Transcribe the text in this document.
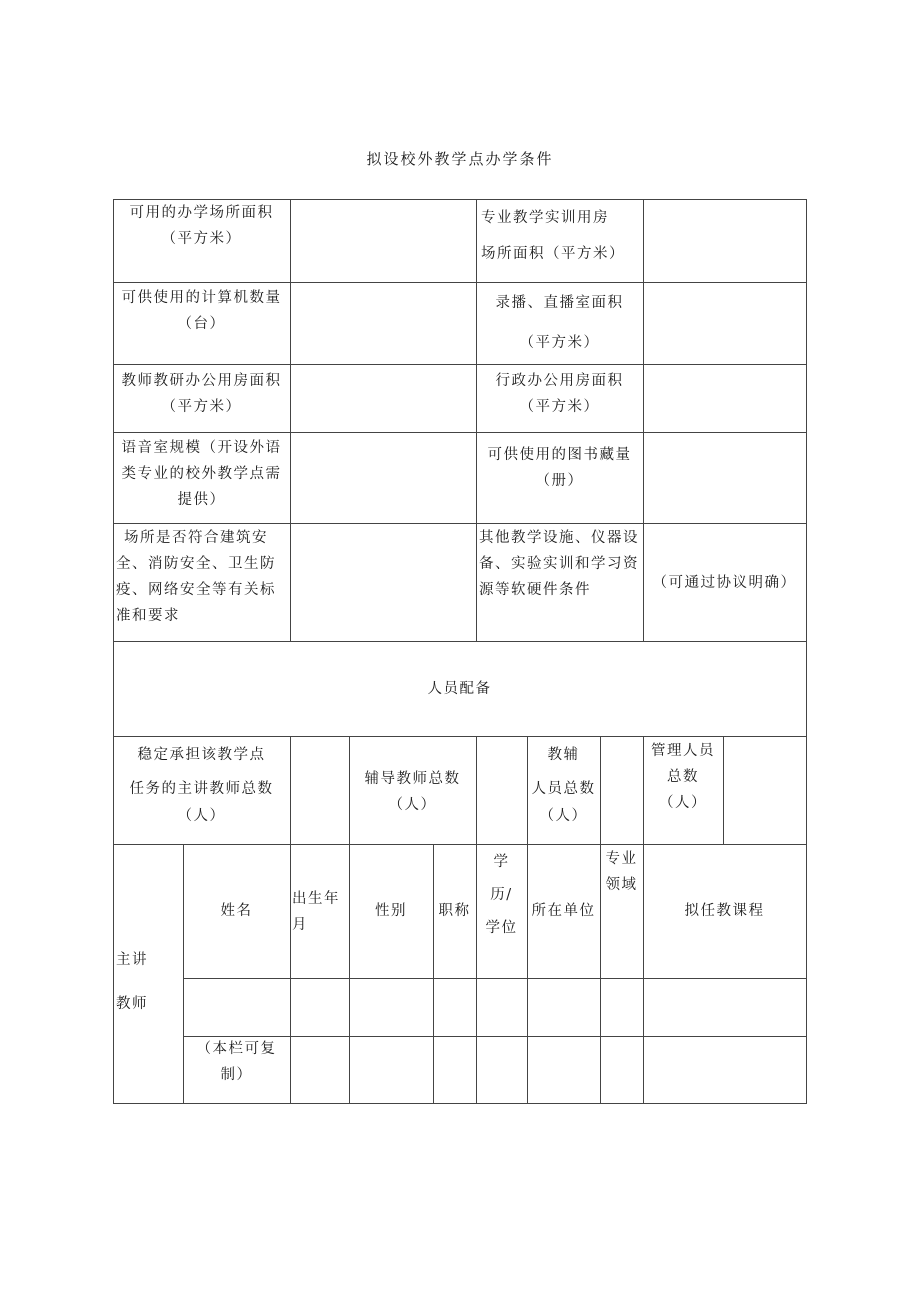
拟设校外教学点办学条件
可用的办学场所面积
（平方米）
专业教学实训用房
场所面积（平方米）
可供使用的计算机数量
（台）
录播、直播室面积
（平方米）
教师教研办公用房面积
（平方米）
行政办公用房面积
（平方米）
语音室规模（开设外语
类专业的校外教学点需
提供）
可供使用的图书藏量
（册）
场所是否符合建筑安
全、消防安全、卫生防
疫、网络安全等有关标
准和要求
其他教学设施、仪器设
备、实验实训和学习资
源等软硬件条件	（可通过协议明确）
人员配备
稳定承担该教学点
任务的主讲教师总数
（人）
辅导教师总数
（人）
教辅
人员总数
（人）
管理人员
总数
（人）
主讲
教师
姓名
出生年
月
性别	职称
学
历/
学位
所在单位
专业
领域
拟任教课程
（本栏可复
制）
